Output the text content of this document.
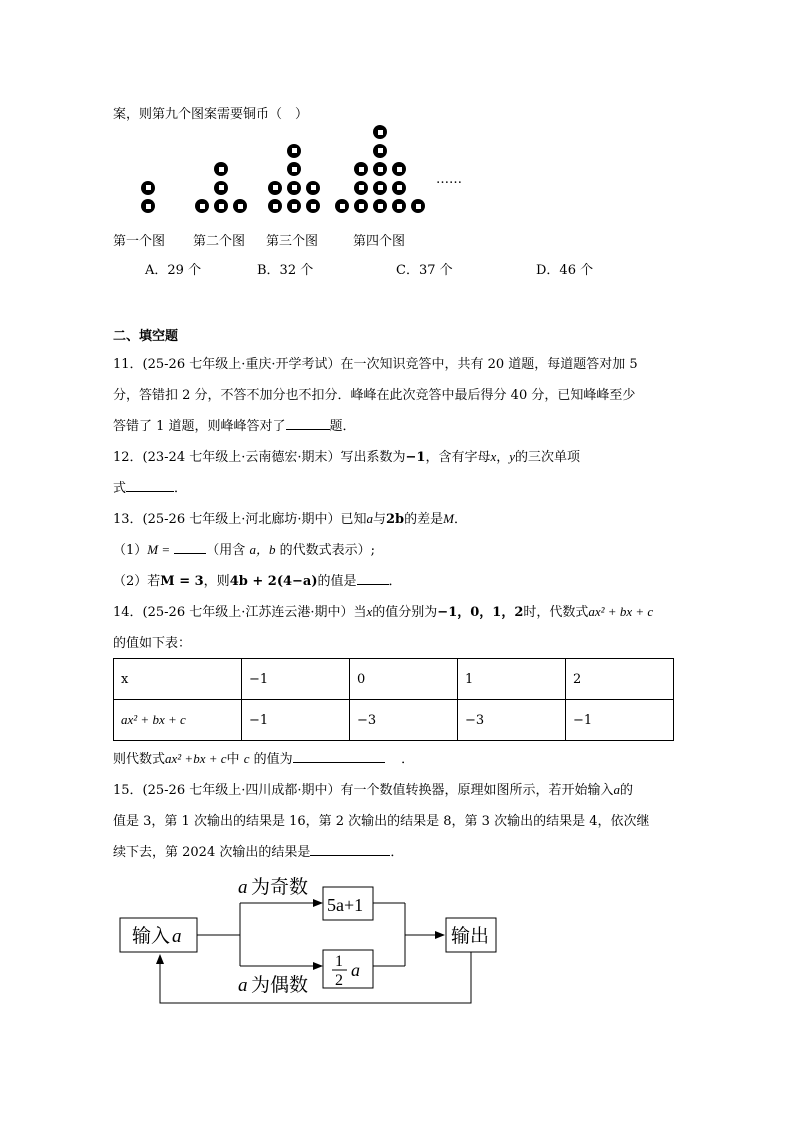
案，则第九个图案需要铜币（　）
……
第一个图 第二个图 第三个图	第四个图
A．29 个	B．32 个	C．37 个	D．46 个
二、填空题
11．(25-26 七年级上·重庆·开学考试）在一次知识竞答中，共有 20 道题，每道题答对加 5
分，答错扣 2 分，不答不加分也不扣分．峰峰在此次竞答中最后得分 40 分，已知峰峰至少
答错了 1 道题，则峰峰答对了	题．
12．(23-24 七年级上·云南德宏·期末）写出系数为−1，含有字母x，y的三次单项
式	．
13．(25-26 七年级上·河北廊坊·期中）已知a与2b的差是M．
（1）M =	（用含 a，b 的代数式表示）;
（2）若M = 3，则4b + 2(4−a)的值是 ．
14．(25-26 七年级上·江苏连云港·期中）当x的值分别为−1，0，1，2时，代数式ax² + bx + c
的值如下表：
x	−1	0	1	2
ax² + bx + c	−1	−3	−3	−1
则代数式ax² +bx + c中 c 的值为	．
15．(25-26 七年级上·四川成都·期中）有一个数值转换器，原理如图所示，若开始输入a的
值是 3，第 1 次输出的结果是 16，第 2 次输出的结果是 8，第 3 次输出的结果是 4，依次继
续下去，第 2024 次输出的结果是	．
输入 a
a 为奇数
a 为偶数
5a+1
1
2
a
输出
